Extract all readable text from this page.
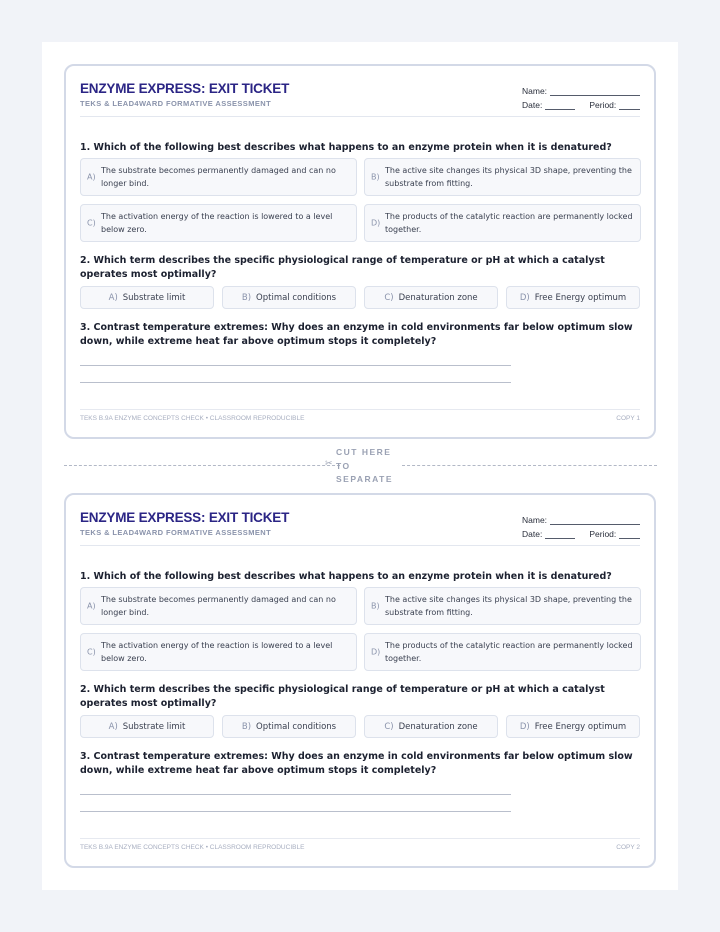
ENZYME EXPRESS: EXIT TICKET
TEKS & LEAD4WARD FORMATIVE ASSESSMENT
Name:
Date:	Period:
1. Which of the following best describes what happens to an enzyme protein when it is denatured?
A)
The substrate becomes permanently damaged and can no longer bind.
B)
The active site changes its physical 3D shape, preventing the substrate from fitting.
C)
The activation energy of the reaction is lowered to a level below zero.
D)
The products of the catalytic reaction are permanently locked together.
2. Which term describes the specific physiological range of temperature or pH at which a catalyst operates most optimally?
A) Substrate limit	B) Optimal conditions	C) Denaturation zone	D) Free Energy optimum
3. Contrast temperature extremes: Why does an enzyme in cold environments far below optimum slow down, while extreme heat far above optimum stops it completely?
TEKS B.9A ENZYME CONCEPTS CHECK • CLASSROOM REPRODUCIBLE	COPY 1
✂
CUT HERE TO SEPARATE
ENZYME EXPRESS: EXIT TICKET
TEKS & LEAD4WARD FORMATIVE ASSESSMENT
Name:
Date:	Period:
1. Which of the following best describes what happens to an enzyme protein when it is denatured?
A)
The substrate becomes permanently damaged and can no longer bind.
B)
The active site changes its physical 3D shape, preventing the substrate from fitting.
C)
The activation energy of the reaction is lowered to a level below zero.
D)
The products of the catalytic reaction are permanently locked together.
2. Which term describes the specific physiological range of temperature or pH at which a catalyst operates most optimally?
A) Substrate limit	B) Optimal conditions	C) Denaturation zone	D) Free Energy optimum
3. Contrast temperature extremes: Why does an enzyme in cold environments far below optimum slow down, while extreme heat far above optimum stops it completely?
TEKS B.9A ENZYME CONCEPTS CHECK • CLASSROOM REPRODUCIBLE	COPY 2
